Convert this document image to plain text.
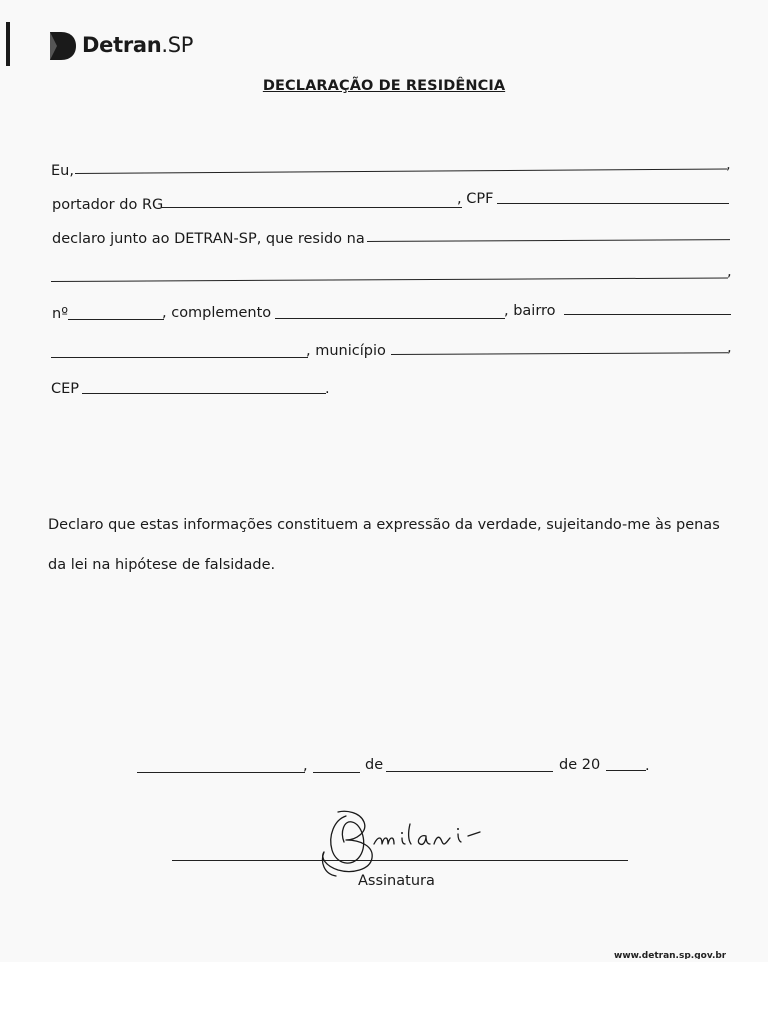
Detran.SP
DECLARAÇÃO DE RESIDÊNCIA
Eu,	,
portador do RG	, CPF
declaro junto ao DETRAN-SP, que resido na
,
nº	, complemento	, bairro
, município	,
CEP	.
Declaro que estas informações constituem a expressão da verdade, sujeitando-me às penas
da lei na hipótese de falsidade.
,	de	de 20	.
Assinatura
www.detran.sp.gov.br
